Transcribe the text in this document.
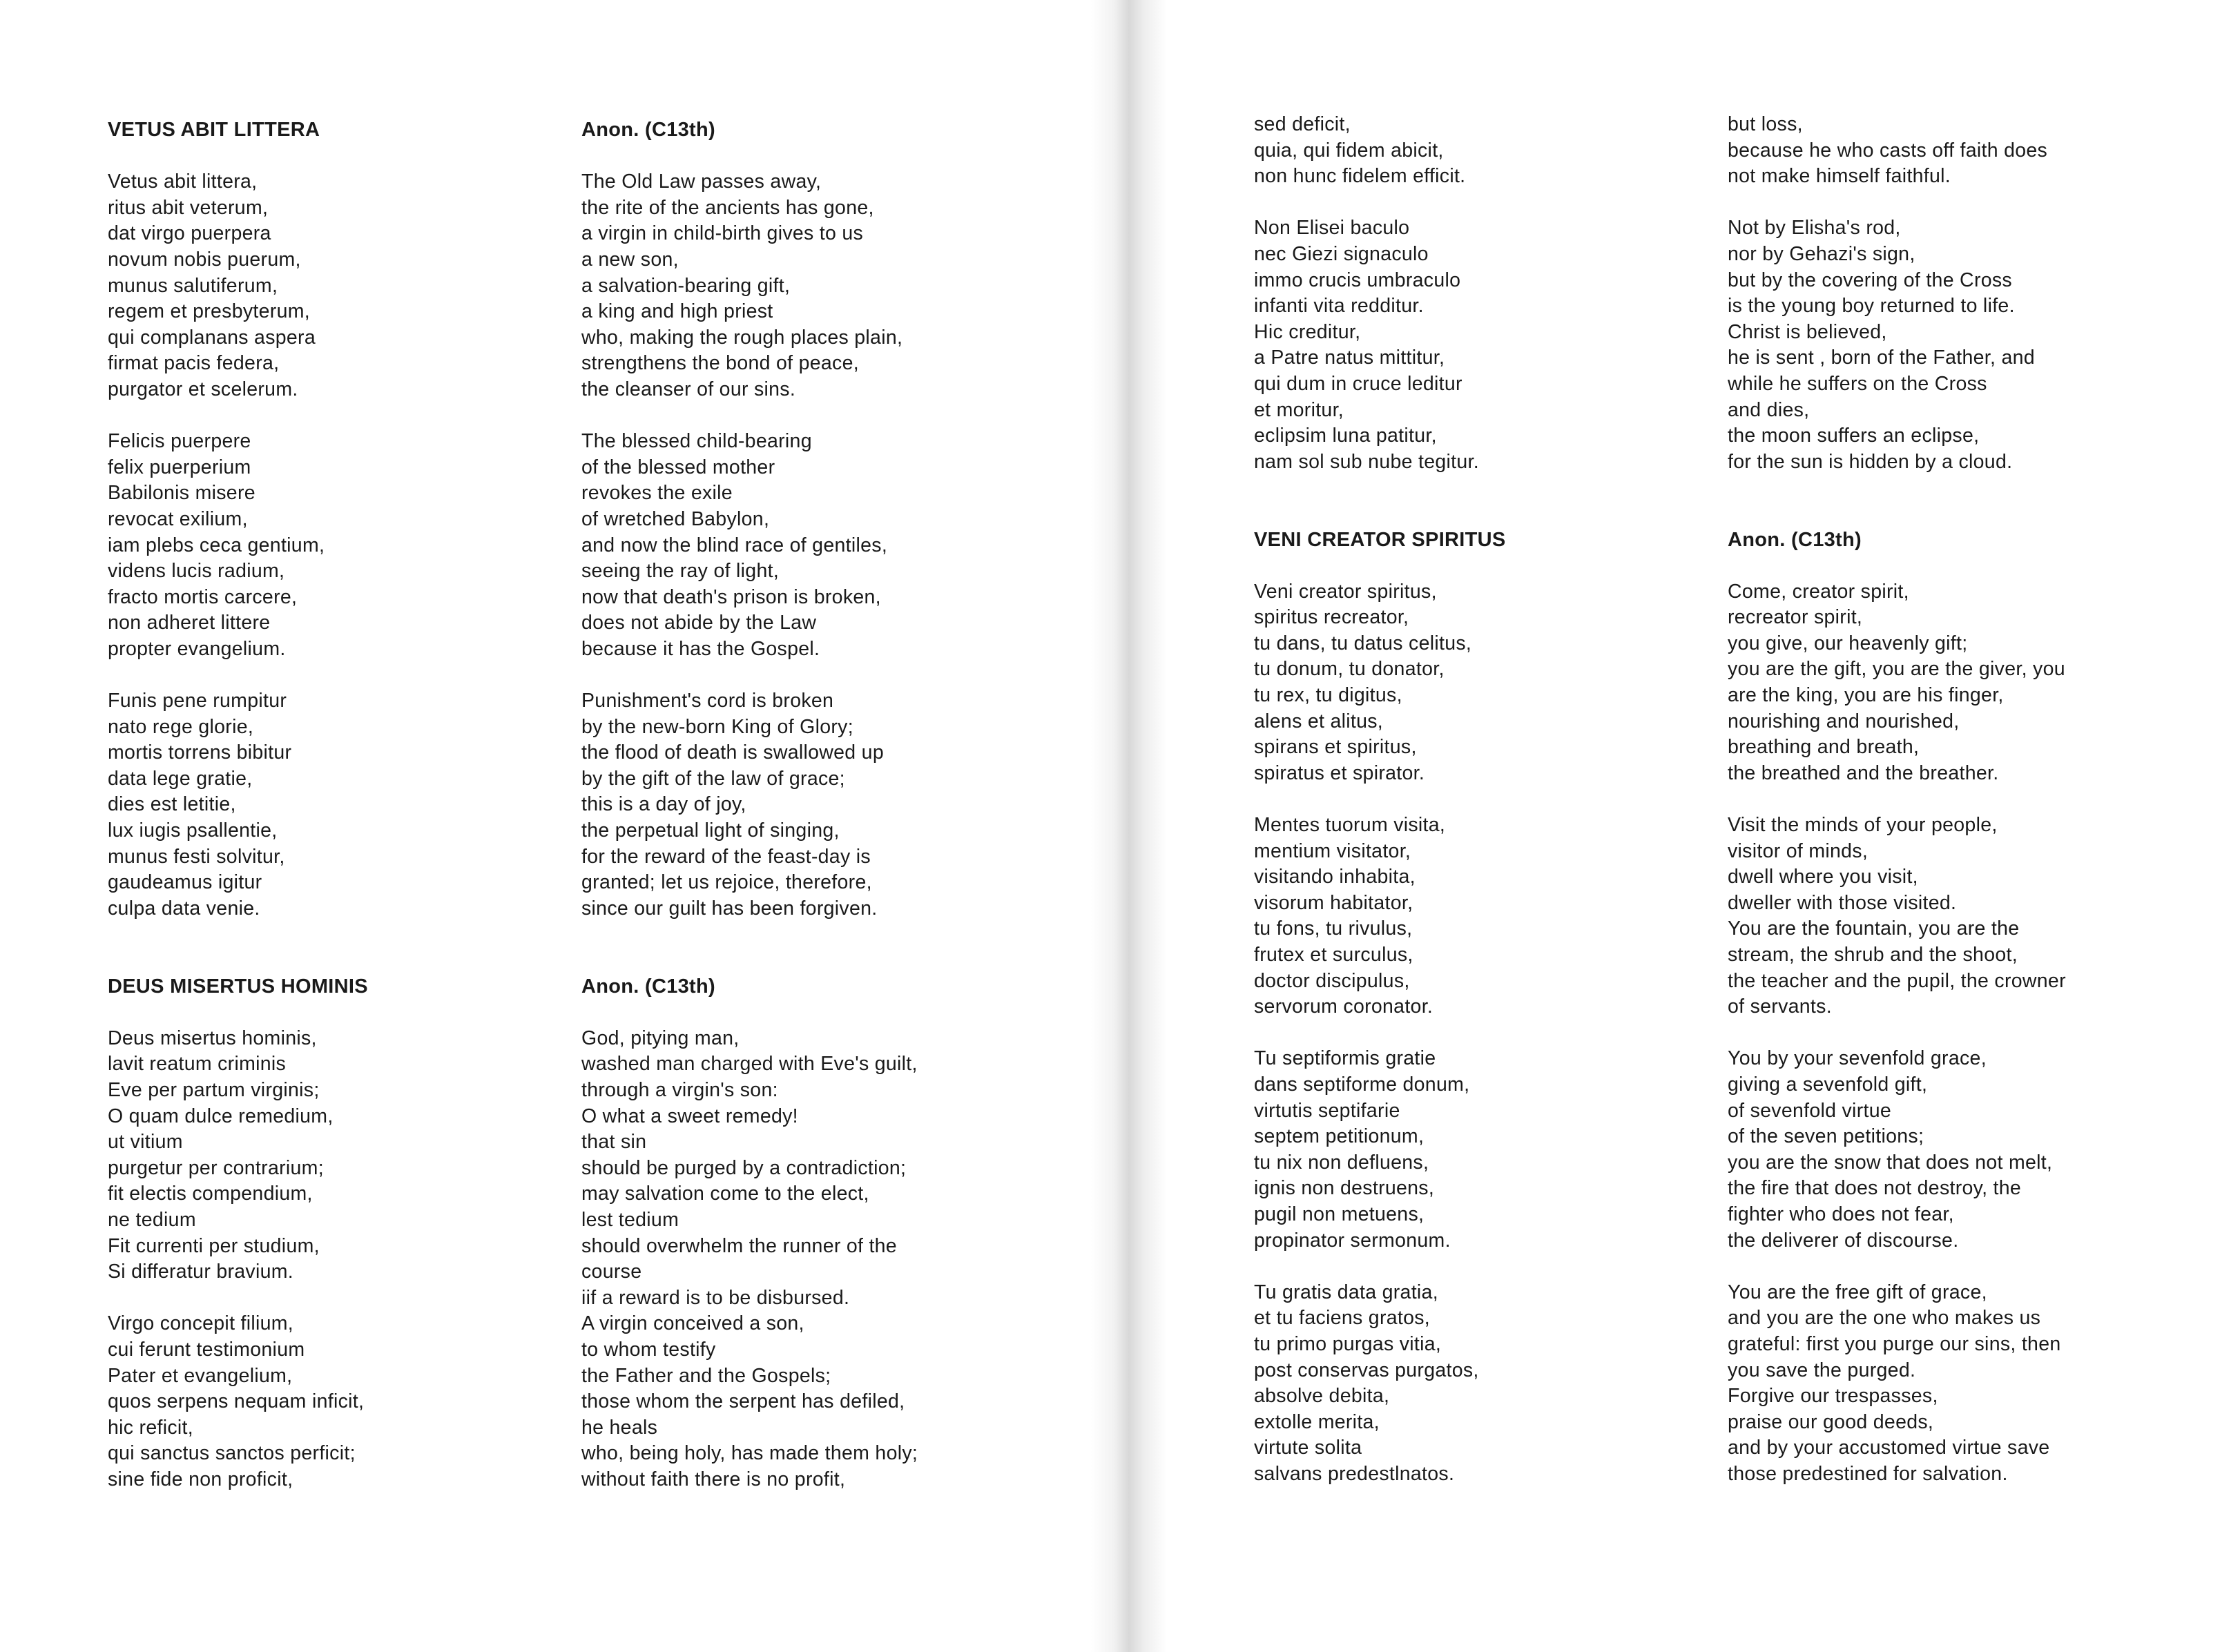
VETUS ABIT LITTERA
Vetus abit littera,
ritus abit veterum,
dat virgo puerpera
novum nobis puerum,
munus salutiferum,
regem et presbyterum,
qui complanans aspera
firmat pacis federa,
purgator et scelerum.
Felicis puerpere
felix puerperium
Babilonis misere
revocat exilium,
iam plebs ceca gentium,
videns lucis radium,
fracto mortis carcere,
non adheret littere
propter evangelium.
Funis pene rumpitur
nato rege glorie,
mortis torrens bibitur
data lege gratie,
dies est letitie,
lux iugis psallentie,
munus festi solvitur,
gaudeamus igitur
culpa data venie.
DEUS MISERTUS HOMINIS
Deus misertus hominis,
lavit reatum criminis
Eve per partum virginis;
O quam dulce remedium,
ut vitium
purgetur per contrarium;
fit electis compendium,
ne tedium
Fit currenti per studium,
Si differatur bravium.
Virgo concepit filium,
cui ferunt testimonium
Pater et evangelium,
quos serpens nequam inficit,
hic reficit,
qui sanctus sanctos perficit;
sine fide non proficit,
Anon. (C13th)
The Old Law passes away,
the rite of the ancients has gone,
a virgin in child-birth gives to us
a new son,
a salvation-bearing gift,
a king and high priest
who, making the rough places plain,
strengthens the bond of peace,
the cleanser of our sins.
The blessed child-bearing
of the blessed mother
revokes the exile
of wretched Babylon,
and now the blind race of gentiles,
seeing the ray of light,
now that death's prison is broken,
does not abide by the Law
because it has the Gospel.
Punishment's cord is broken
by the new-born King of Glory;
the flood of death is swallowed up
by the gift of the law of grace;
this is a day of joy,
the perpetual light of singing,
for the reward of the feast-day is
granted; let us rejoice, therefore,
since our guilt has been forgiven.
Anon. (C13th)
God, pitying man,
washed man charged with Eve's guilt,
through a virgin's son:
O what a sweet remedy!
that sin
should be purged by a contradiction;
may salvation come to the elect,
lest tedium
should overwhelm the runner of the
course
iif a reward is to be disbursed.
A virgin conceived a son,
to whom testify
the Father and the Gospels;
those whom the serpent has defiled,
he heals
who, being holy, has made them holy;
without faith there is no profit,
sed deficit,
quia, qui fidem abicit,
non hunc fidelem efficit.
Non Elisei baculo
nec Giezi signaculo
immo crucis umbraculo
infanti vita redditur.
Hic creditur,
a Patre natus mittitur,
qui dum in cruce leditur
et moritur,
eclipsim luna patitur,
nam sol sub nube tegitur.
VENI CREATOR SPIRITUS
Veni creator spiritus,
spiritus recreator,
tu dans, tu datus celitus,
tu donum, tu donator,
tu rex, tu digitus,
alens et alitus,
spirans et spiritus,
spiratus et spirator.
Mentes tuorum visita,
mentium visitator,
visitando inhabita,
visorum habitator,
tu fons, tu rivulus,
frutex et surculus,
doctor discipulus,
servorum coronator.
Tu septiformis gratie
dans septiforme donum,
virtutis septifarie
septem petitionum,
tu nix non defluens,
ignis non destruens,
pugil non metuens,
propinator sermonum.
Tu gratis data gratia,
et tu faciens gratos,
tu primo purgas vitia,
post conservas purgatos,
absolve debita,
extolle merita,
virtute solita
salvans predestlnatos.
but loss,
because he who casts off faith does
not make himself faithful.
Not by Elisha's rod,
nor by Gehazi's sign,
but by the covering of the Cross
is the young boy returned to life.
Christ is believed,
he is sent , born of the Father, and
while he suffers on the Cross
and dies,
the moon suffers an eclipse,
for the sun is hidden by a cloud.
Anon. (C13th)
Come, creator spirit,
recreator spirit,
you give, our heavenly gift;
you are the gift, you are the giver, you
are the king, you are his finger,
nourishing and nourished,
breathing and breath,
the breathed and the breather.
Visit the minds of your people,
visitor of minds,
dwell where you visit,
dweller with those visited.
You are the fountain, you are the
stream, the shrub and the shoot,
the teacher and the pupil, the crowner
of servants.
You by your sevenfold grace,
giving a sevenfold gift,
of sevenfold virtue
of the seven petitions;
you are the snow that does not melt,
the fire that does not destroy, the
fighter who does not fear,
the deliverer of discourse.
You are the free gift of grace,
and you are the one who makes us
grateful: first you purge our sins, then
you save the purged.
Forgive our trespasses,
praise our good deeds,
and by your accustomed virtue save
those predestined for salvation.
